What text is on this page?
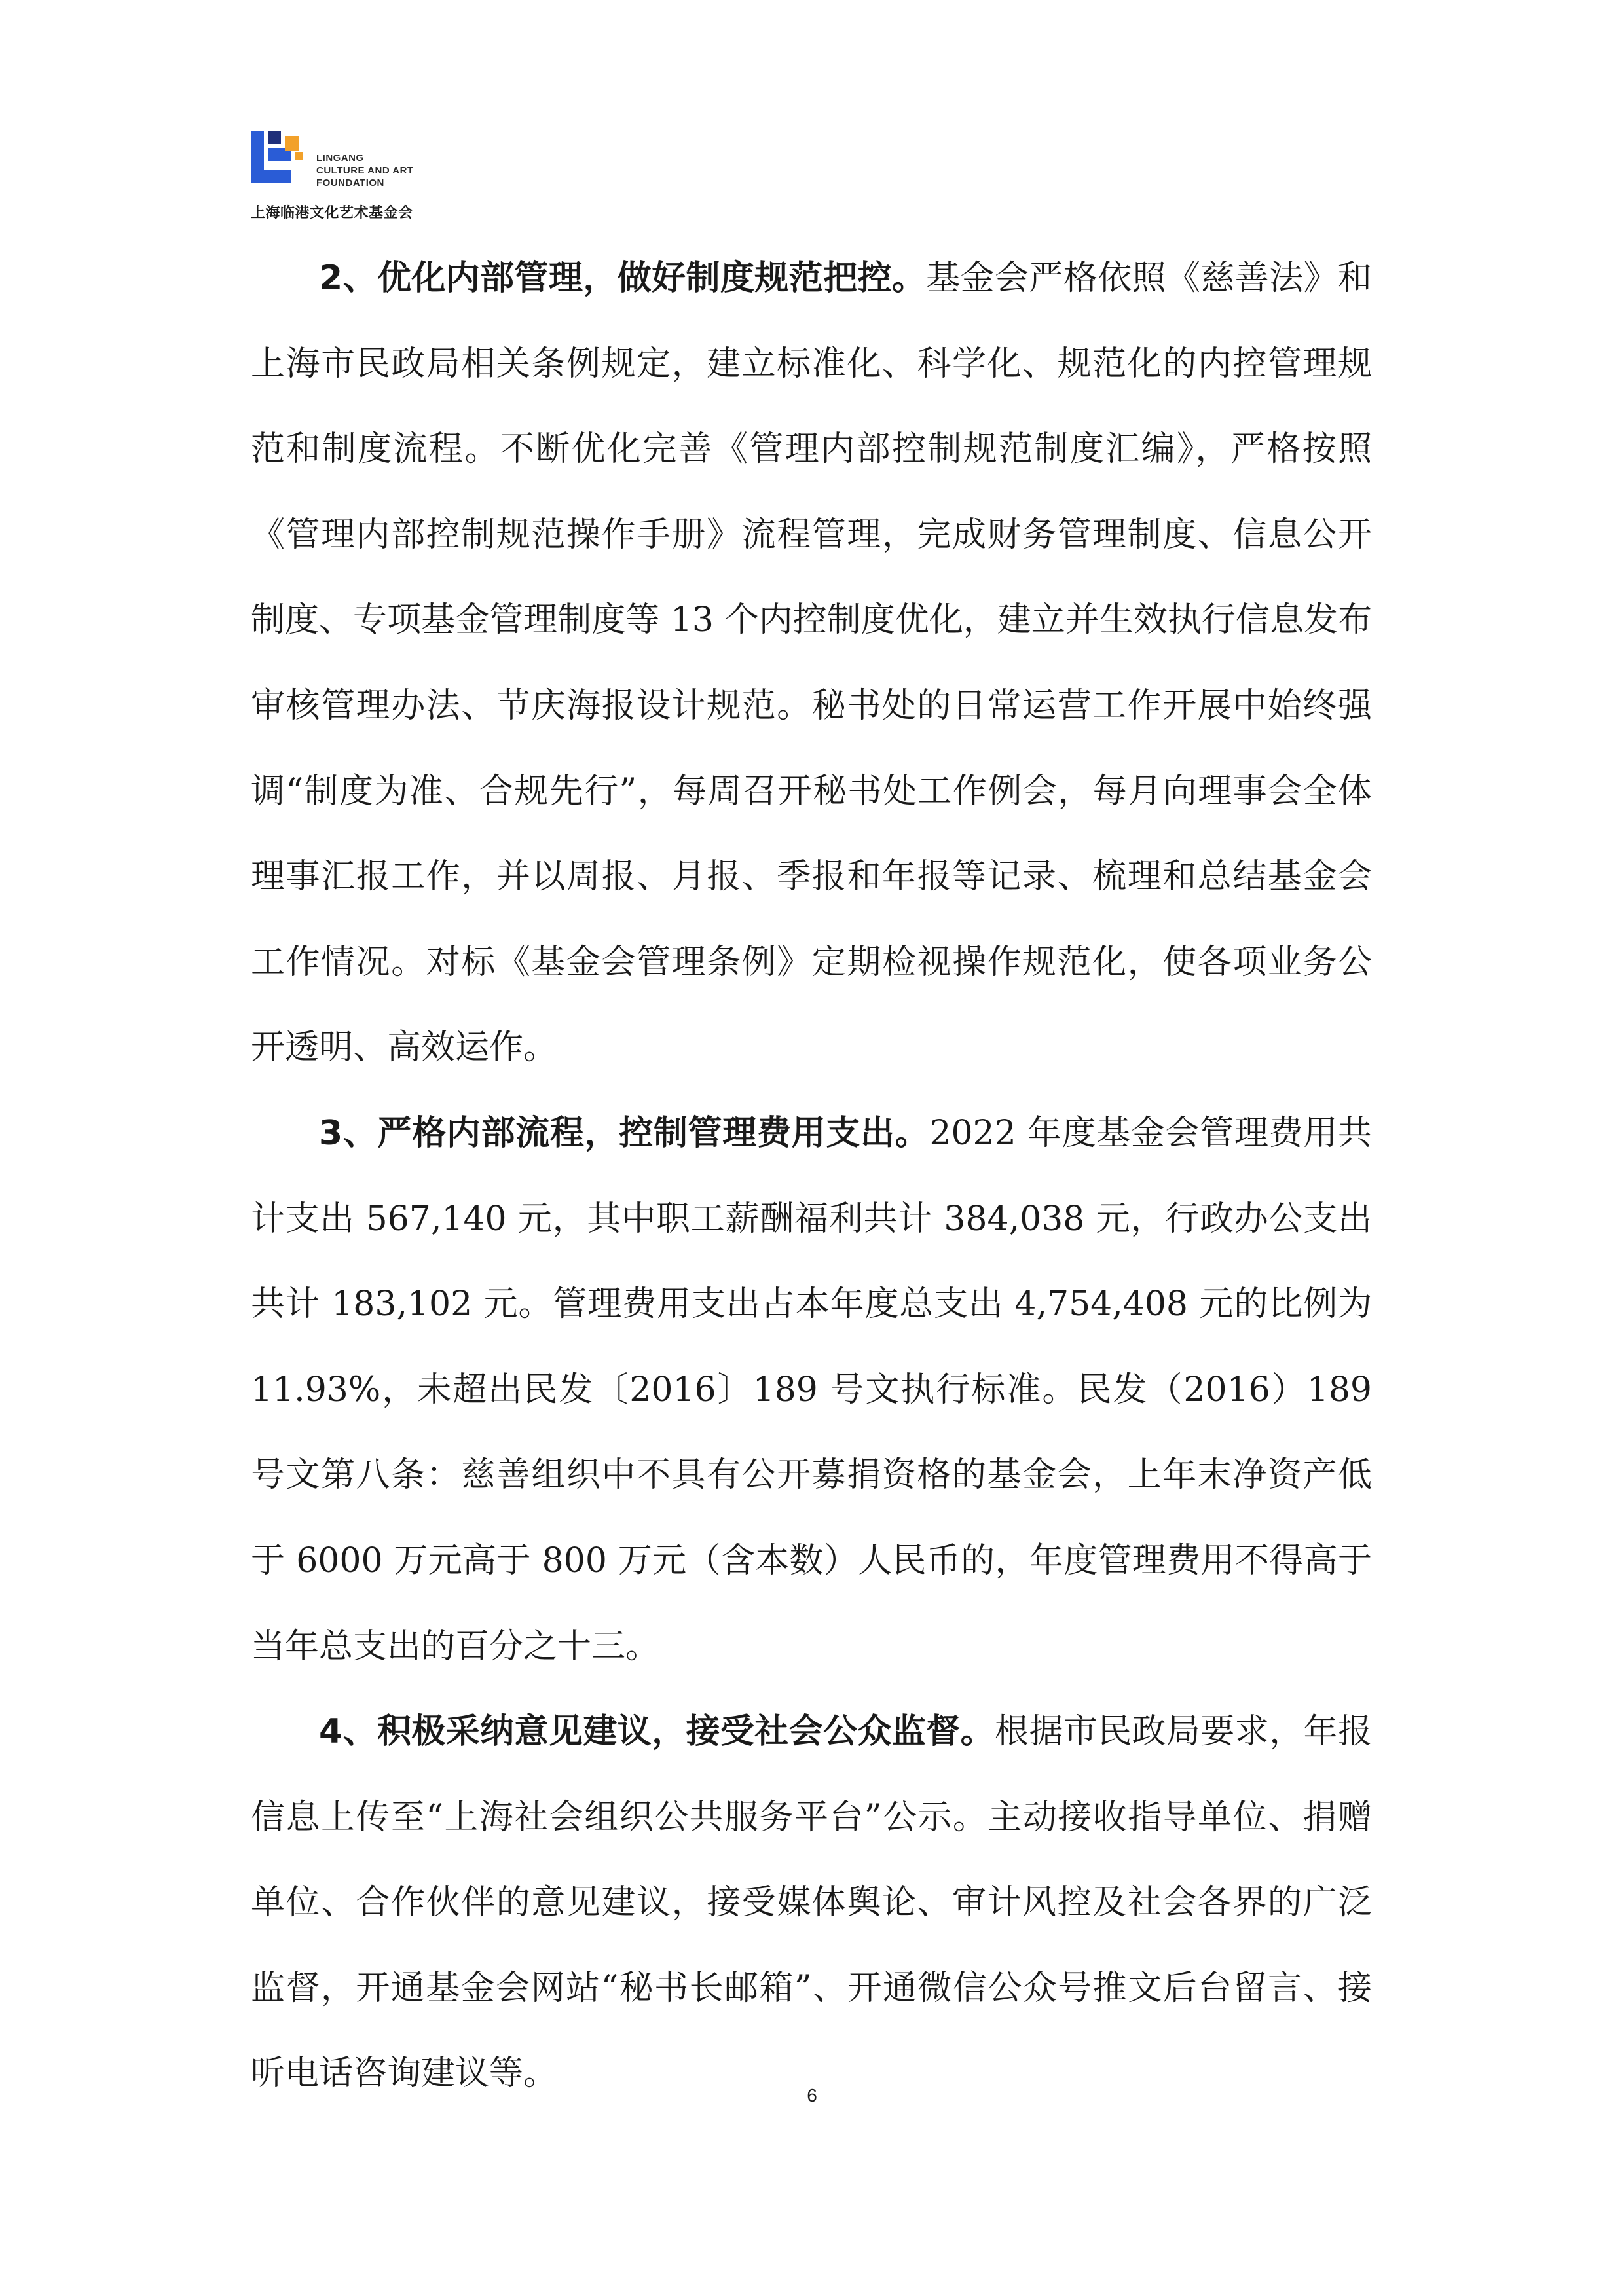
LINGANG
CULTURE AND ART
FOUNDATION
上海临港文化艺术基金会

2、优化内部管理，做好制度规范把控。基金会严格依照《慈善法》和上海市民政局相关条例规定，建立标准化、科学化、规范化的内控管理规范和制度流程。不断优化完善《管理内部控制规范制度汇编》，严格按照《管理内部控制规范操作手册》流程管理，完成财务管理制度、信息公开制度、专项基金管理制度等 13 个内控制度优化，建立并生效执行信息发布审核管理办法、节庆海报设计规范。秘书处的日常运营工作开展中始终强调“制度为准、合规先行”，每周召开秘书处工作例会，每月向理事会全体理事汇报工作，并以周报、月报、季报和年报等记录、梳理和总结基金会工作情况。对标《基金会管理条例》定期检视操作规范化，使各项业务公开透明、高效运作。

3、严格内部流程，控制管理费用支出。2022 年度基金会管理费用共计支出 567,140 元，其中职工薪酬福利共计 384,038 元，行政办公支出共计 183,102 元。管理费用支出占本年度总支出 4,754,408 元的比例为 11.93%，未超出民发〔2016〕189 号文执行标准。民发（2016）189 号文第八条：慈善组织中不具有公开募捐资格的基金会，上年末净资产低于 6000 万元高于 800 万元（含本数）人民币的，年度管理费用不得高于当年总支出的百分之十三。

4、积极采纳意见建议，接受社会公众监督。根据市民政局要求，年报信息上传至“上海社会组织公共服务平台”公示。主动接收指导单位、捐赠单位、合作伙伴的意见建议，接受媒体舆论、审计风控及社会各界的广泛监督，开通基金会网站“秘书长邮箱”、开通微信公众号推文后台留言、接听电话咨询建议等。

6
